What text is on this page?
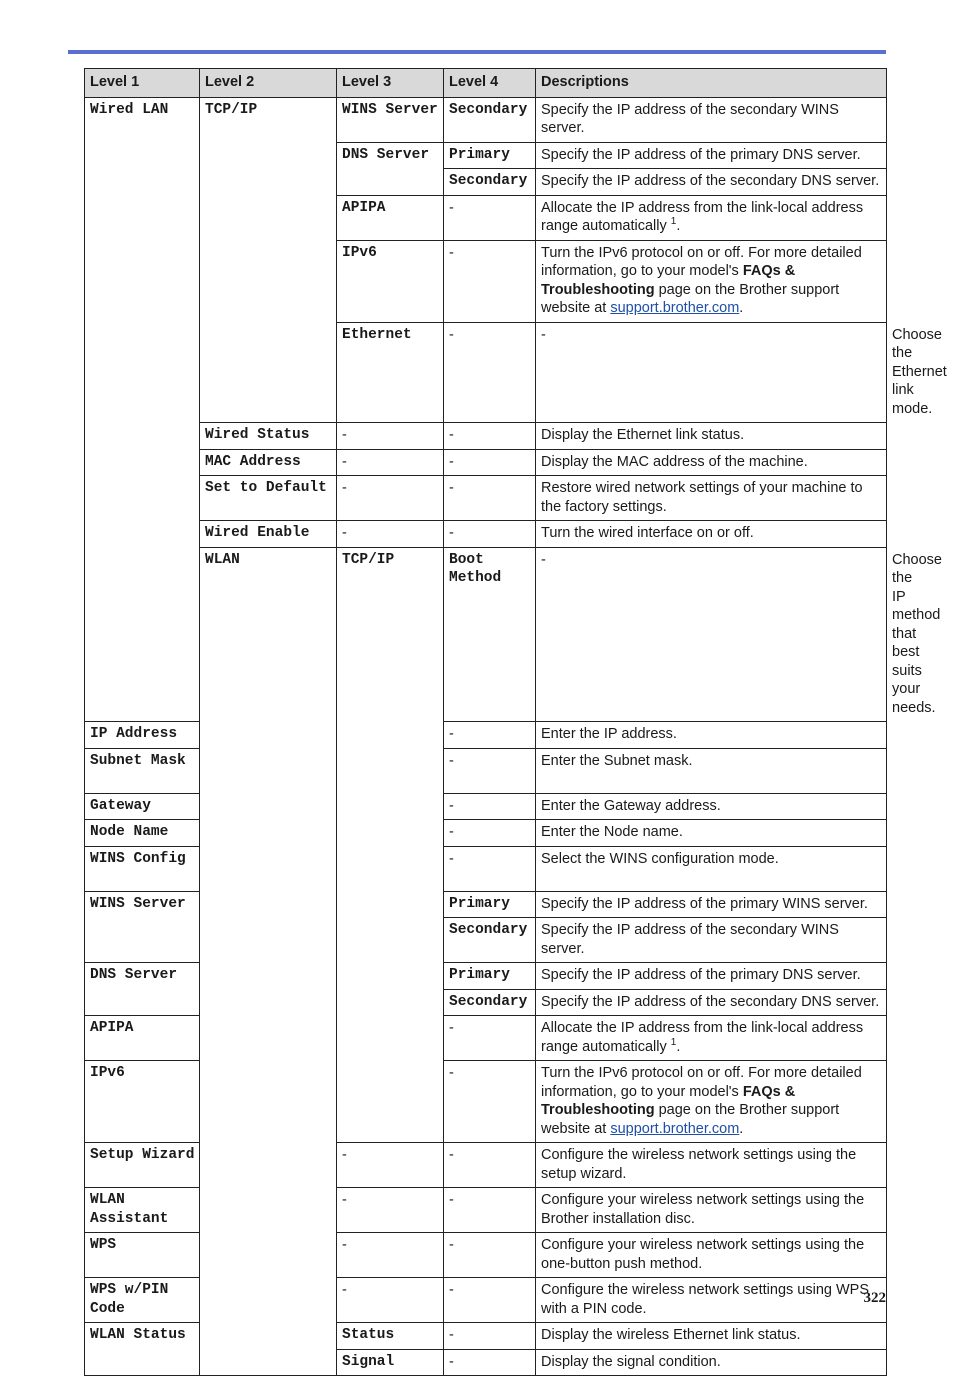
Level 1	Level 2	Level 3	Level 4	Descriptions	
Wired LAN	TCP/IP	WINS Server	Secondary	Specify the IP address of the secondary WINS server.	
		DNS Server	Primary	Specify the IP address of the primary DNS server.	
			Secondary	Specify the IP address of the secondary DNS server.	
		APIPA	-	Allocate the IP address from the link-local address range automatically $^1$.	
		IPv6	-	Turn the IPv6 protocol on or off. For more detailed information, go to your model's FAQs & Troubleshooting page on the Brother support website at support.brother.com.	
		Ethernet	-	-	Choose the Ethernet link mode.
	Wired Status	-	-	Display the Ethernet link status.	
	MAC Address	-	-	Display the MAC address of the machine.	
	Set to Default	-	-	Restore wired network settings of your machine to the factory settings.	
	Wired Enable	-	-	Turn the wired interface on or off.	
	WLAN	TCP/IP	Boot Method	-	Choose the IP method that best suits your needs.
IP Address			-	Enter the IP address.	
Subnet Mask			-	Enter the Subnet mask.	
Gateway			-	Enter the Gateway address.	
Node Name			-	Enter the Node name.	
WINS Config			-	Select the WINS configuration mode.	
WINS Server			Primary	Specify the IP address of the primary WINS server.	
			Secondary	Specify the IP address of the secondary WINS server.	
DNS Server			Primary	Specify the IP address of the primary DNS server.	
			Secondary	Specify the IP address of the secondary DNS server.	
APIPA			-	Allocate the IP address from the link-local address range automatically $^1$.	
IPv6			-	Turn the IPv6 protocol on or off. For more detailed information, go to your model's FAQs & Troubleshooting page on the Brother support website at support.brother.com.	
Setup Wizard		-	-	Configure the wireless network settings using the setup wizard.	
WLAN Assistant		-	-	Configure your wireless network settings using the Brother installation disc.	
WPS		-	-	Configure your wireless network settings using the one-button push method.	
WPS w/PIN Code		-	-	Configure the wireless network settings using WPS with a PIN code.	
WLAN Status		Status	-	Display the wireless Ethernet link status.	
		Signal	-	Display the signal condition.	
322
